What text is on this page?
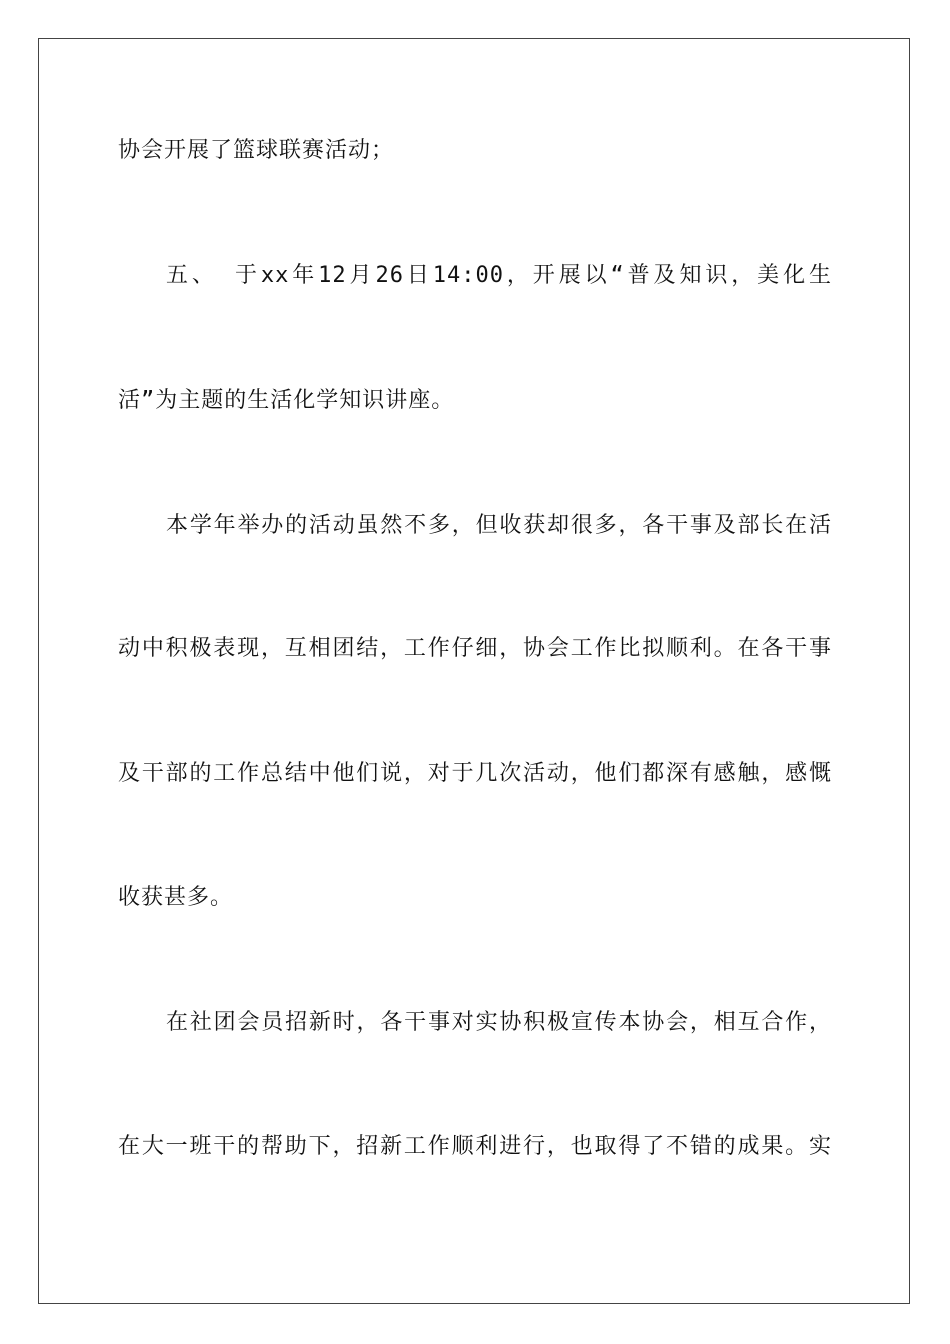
协会开展了篮球联赛活动；
五、 于xx年12月26日14:00，开展以“普及知识，美化生
活”为主题的生活化学知识讲座。
本学年举办的活动虽然不多，但收获却很多，各干事及部长在活
动中积极表现，互相团结，工作仔细，协会工作比拟顺利。在各干事
及干部的工作总结中他们说，对于几次活动，他们都深有感触，感慨
收获甚多。
在社团会员招新时，各干事对实协积极宣传本协会，相互合作，
在大一班干的帮助下，招新工作顺利进行，也取得了不错的成果。实
